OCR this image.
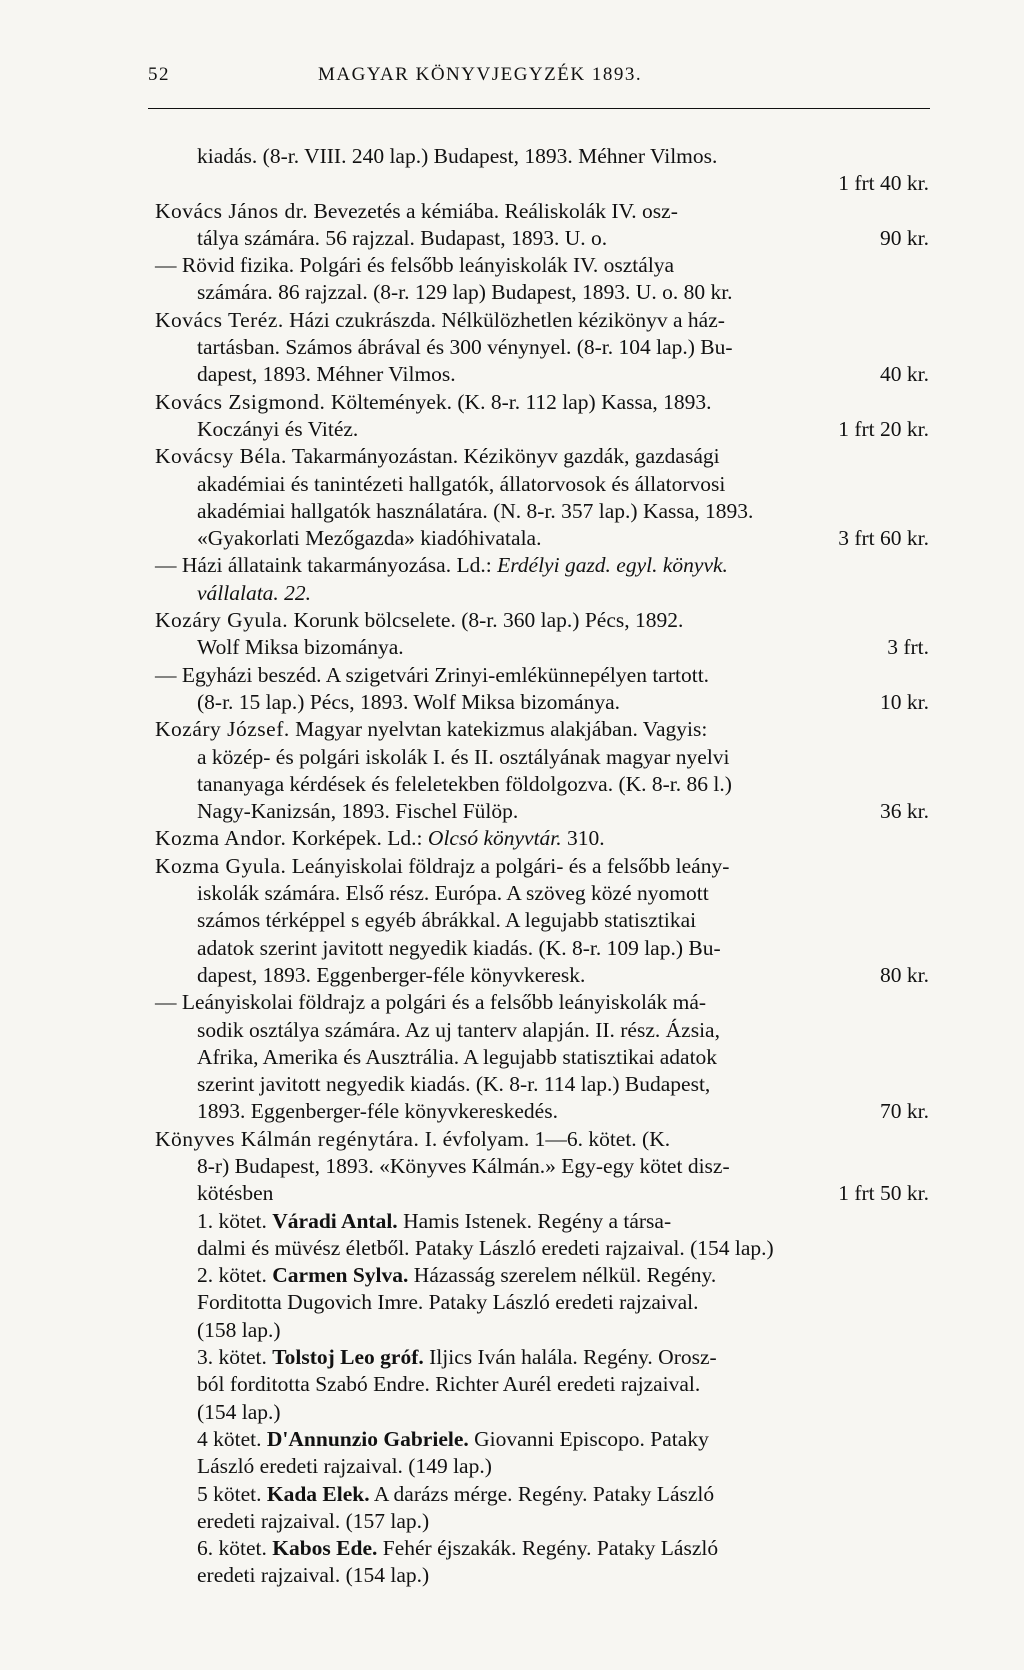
52	MAGYAR KÖNYVJEGYZÉK 1893.
kiadás. (8-r. VIII. 240 lap.) Budapest, 1893. Méhner Vilmos.
1 frt 40 kr.
Kovács János dr. Bevezetés a kémiába. Reáliskolák IV. osz-
tálya számára. 56 rajzzal. Budapast, 1893. U. o.	90 kr.
— Rövid fizika. Polgári és felsőbb leányiskolák IV. osztálya
számára. 86 rajzzal. (8-r. 129 lap) Budapest, 1893. U. o. 80 kr.
Kovács Teréz. Házi czukrászda. Nélkülözhetlen kézikönyv a ház-
tartásban. Számos ábrával és 300 vénynyel. (8-r. 104 lap.) Bu-
dapest, 1893. Méhner Vilmos.	40 kr.
Kovács Zsigmond. Költemények. (K. 8-r. 112 lap) Kassa, 1893.
Koczányi és Vitéz.	1 frt 20 kr.
Kovácsy Béla. Takarmányozástan. Kézikönyv gazdák, gazdasági
akadémiai és tanintézeti hallgatók, állatorvosok és állatorvosi
akadémiai hallgatók használatára. (N. 8-r. 357 lap.) Kassa, 1893.
«Gyakorlati Mezőgazda» kiadóhivatala.	3 frt 60 kr.
— Házi állataink takarmányozása. Ld.: Erdélyi gazd. egyl. könyvk.
vállalata. 22.
Kozáry Gyula. Korunk bölcselete. (8-r. 360 lap.) Pécs, 1892.
Wolf Miksa bizománya.	3 frt.
— Egyházi beszéd. A szigetvári Zrinyi-emlékünnepélyen tartott.
(8-r. 15 lap.) Pécs, 1893. Wolf Miksa bizománya.	10 kr.
Kozáry József. Magyar nyelvtan katekizmus alakjában. Vagyis:
a közép- és polgári iskolák I. és II. osztályának magyar nyelvi
tananyaga kérdések és feleletekben földolgozva. (K. 8-r. 86 l.)
Nagy-Kanizsán, 1893. Fischel Fülöp.	36 kr.
Kozma Andor. Korképek. Ld.: Olcsó könyvtár. 310.
Kozma Gyula. Leányiskolai földrajz a polgári- és a felsőbb leány-
iskolák számára. Első rész. Európa. A szöveg közé nyomott
számos térképpel s egyéb ábrákkal. A legujabb statisztikai
adatok szerint javitott negyedik kiadás. (K. 8-r. 109 lap.) Bu-
dapest, 1893. Eggenberger-féle könyvkeresk.	80 kr.
— Leányiskolai földrajz a polgári és a felsőbb leányiskolák má-
sodik osztálya számára. Az uj tanterv alapján. II. rész. Ázsia,
Afrika, Amerika és Ausztrália. A legujabb statisztikai adatok
szerint javitott negyedik kiadás. (K. 8-r. 114 lap.) Budapest,
1893. Eggenberger-féle könyvkereskedés.	70 kr.
Könyves Kálmán regénytára. I. évfolyam. 1—6. kötet. (K.
8-r) Budapest, 1893. «Könyves Kálmán.» Egy-egy kötet disz-
kötésben	1 frt 50 kr.
1. kötet. Váradi Antal. Hamis Istenek. Regény a társa-
dalmi és müvész életből. Pataky László eredeti rajzaival. (154 lap.)
2. kötet. Carmen Sylva. Házasság szerelem nélkül. Regény.
Forditotta Dugovich Imre. Pataky László eredeti rajzaival.
(158 lap.)
3. kötet. Tolstoj Leo gróf. Iljics Iván halála. Regény. Orosz-
ból forditotta Szabó Endre. Richter Aurél eredeti rajzaival.
(154 lap.)
4 kötet. D'Annunzio Gabriele. Giovanni Episcopo. Pataky
László eredeti rajzaival. (149 lap.)
5 kötet. Kada Elek. A darázs mérge. Regény. Pataky László
eredeti rajzaival. (157 lap.)
6. kötet. Kabos Ede. Fehér éjszakák. Regény. Pataky László
eredeti rajzaival. (154 lap.)
